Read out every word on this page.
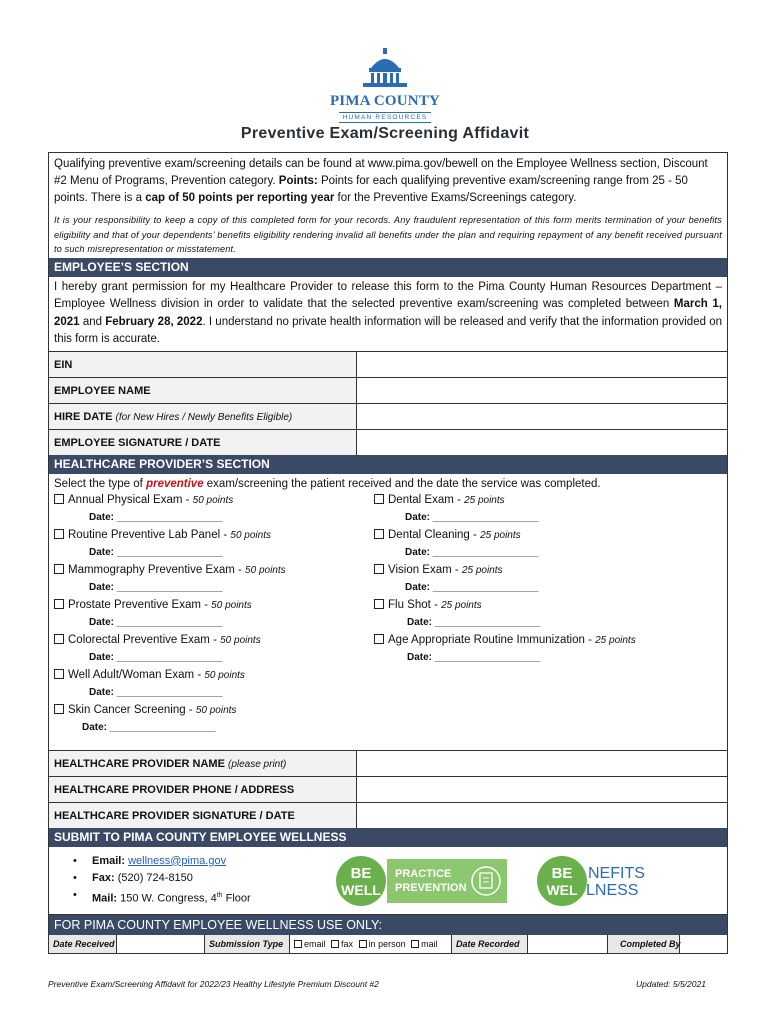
PIMA COUNTY
HUMAN RESOURCES
Preventive Exam/Screening Affidavit
Qualifying preventive exam/screening details can be found at www.pima.gov/bewell on the Employee Wellness section, Discount #2 Menu of Programs, Prevention category. Points: Points for each qualifying preventive exam/screening range from 25 - 50 points. There is a cap of 50 points per reporting year for the Preventive Exams/Screenings category.
It is your responsibility to keep a copy of this completed form for your records. Any fraudulent representation of this form merits termination of your benefits eligibility and that of your dependents’ benefits eligibility rendering invalid all benefits under the plan and requiring repayment of any benefit received pursuant to such misrepresentation or misstatement.
EMPLOYEE’S SECTION
I hereby grant permission for my Healthcare Provider to release this form to the Pima County Human Resources Department – Employee Wellness division in order to validate that the selected preventive exam/screening was completed between March 1, 2021 and February 28, 2022. I understand no private health information will be released and verify that the information provided on this form is accurate.
EIN
EMPLOYEE NAME
HIRE DATE (for New Hires / Newly Benefits Eligible)
EMPLOYEE SIGNATURE / DATE
HEALTHCARE PROVIDER’S SECTION
Select the type of preventive exam/screening the patient received and the date the service was completed.
Annual Physical Exam - 50 points
Date: ___________________
Routine Preventive Lab Panel - 50 points
Date: ___________________
Mammography Preventive Exam - 50 points
Date: ___________________
Prostate Preventive Exam - 50 points
Date: ___________________
Colorectal Preventive Exam - 50 points
Date: ___________________
Well Adult/Woman Exam - 50 points
Date: ___________________
Skin Cancer Screening - 50 points
Date: ___________________
Dental Exam - 25 points
Date: ___________________
Dental Cleaning - 25 points
Date: ___________________
Vision Exam - 25 points
Date: ___________________
Flu Shot - 25 points
Date: ___________________
Age Appropriate Routine Immunization - 25 points
Date: ___________________
HEALTHCARE PROVIDER NAME (please print)
HEALTHCARE PROVIDER PHONE / ADDRESS
HEALTHCARE PROVIDER SIGNATURE / DATE
SUBMIT TO PIMA COUNTY EMPLOYEE WELLNESS
• Email: wellness@pima.gov
• Fax: (520) 724-8150
• Mail: 150 W. Congress, 4th Floor
BE
WELL
PRACTICE
PREVENTION
BE
WEL
NEFITS
LNESS
FOR PIMA COUNTY EMPLOYEE WELLNESS USE ONLY:
Date Received	Submission Type	email fax in person mail	Date Recorded	Completed By
Preventive Exam/Screening Affidavit for 2022/23 Healthy Lifestyle Premium Discount #2	Updated: 5/5/2021
